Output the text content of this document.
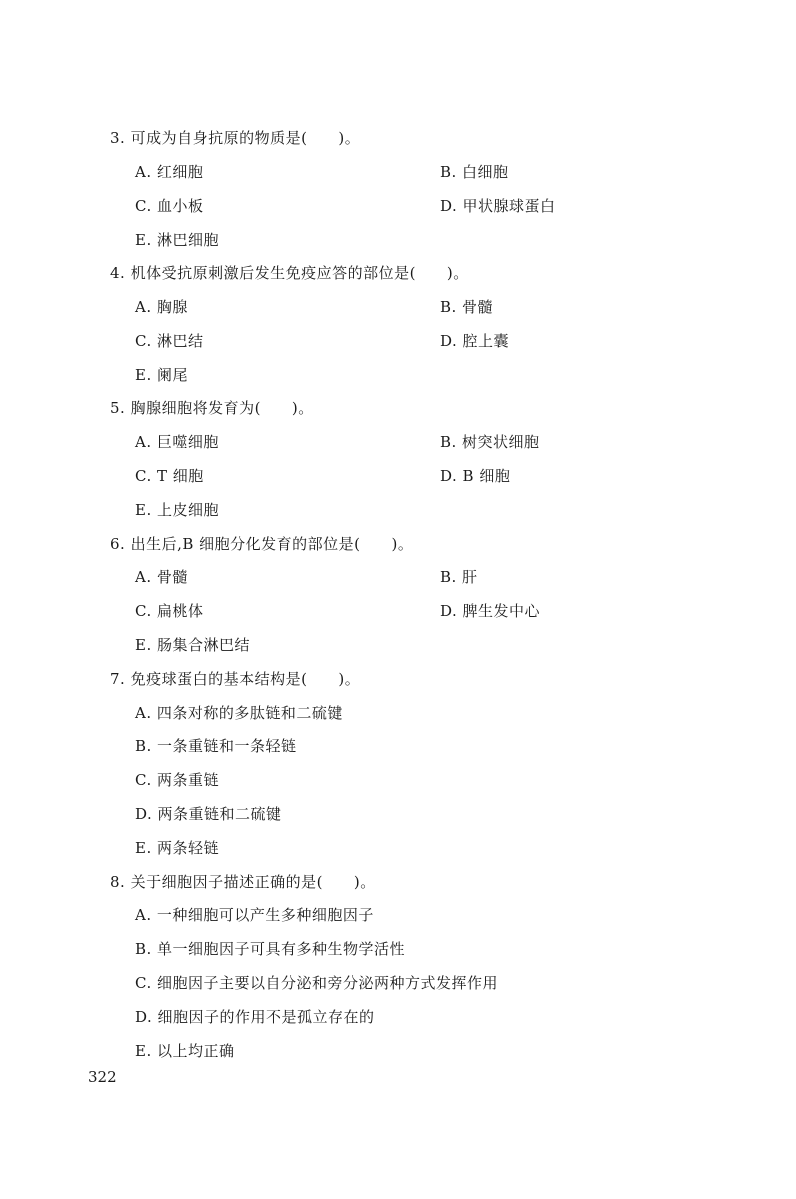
3. 可成为自身抗原的物质是(　　)。
A. 红细胞	B. 白细胞
C. 血小板	D. 甲状腺球蛋白
E. 淋巴细胞
4. 机体受抗原刺激后发生免疫应答的部位是(　　)。
A. 胸腺	B. 骨髓
C. 淋巴结	D. 腔上囊
E. 阑尾
5. 胸腺细胞将发育为(　　)。
A. 巨噬细胞	B. 树突状细胞
C. T 细胞	D. B 细胞
E. 上皮细胞
6. 出生后,B 细胞分化发育的部位是(　　)。
A. 骨髓	B. 肝
C. 扁桃体	D. 脾生发中心
E. 肠集合淋巴结
7. 免疫球蛋白的基本结构是(　　)。
A. 四条对称的多肽链和二硫键
B. 一条重链和一条轻链
C. 两条重链
D. 两条重链和二硫键
E. 两条轻链
8. 关于细胞因子描述正确的是(　　)。
A. 一种细胞可以产生多种细胞因子
B. 单一细胞因子可具有多种生物学活性
C. 细胞因子主要以自分泌和旁分泌两种方式发挥作用
D. 细胞因子的作用不是孤立存在的
E. 以上均正确
322
